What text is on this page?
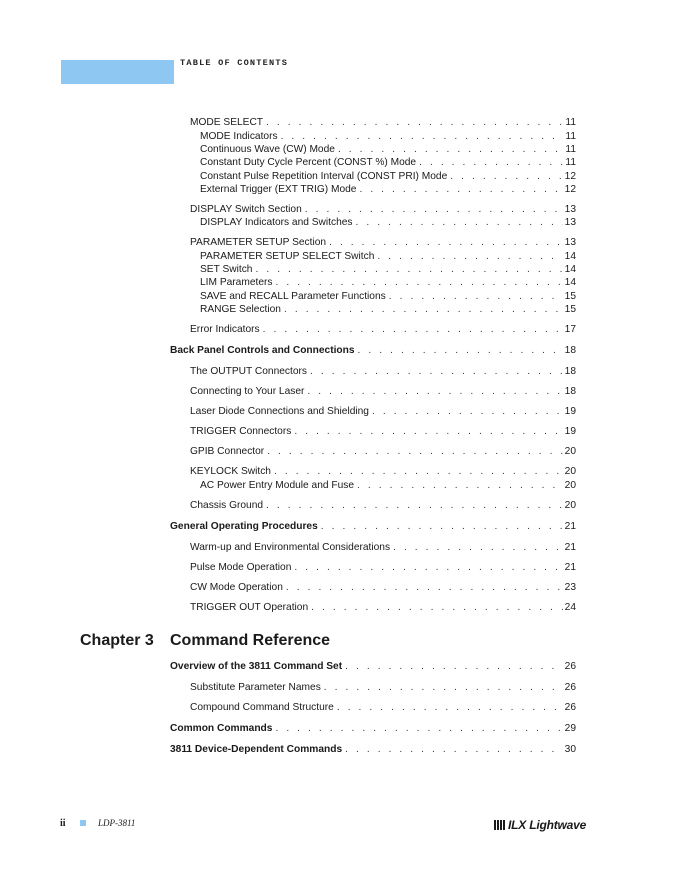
TABLE OF CONTENTS
MODE SELECT . . .	11
MODE Indicators . . .	11
Continuous Wave (CW) Mode . . .	11
Constant Duty Cycle Percent (CONST %) Mode . . .	11
Constant Pulse Repetition Interval (CONST PRI) Mode . . .	12
External Trigger (EXT TRIG) Mode . . .	12
DISPLAY Switch Section . . .	13
DISPLAY Indicators and Switches . . .	13
PARAMETER SETUP Section . . .	13
PARAMETER SETUP SELECT Switch . . .	14
SET Switch . . .	14
LIM Parameters . . .	14
SAVE and RECALL Parameter Functions . . .	15
RANGE Selection . . .	15
Error Indicators . . .	17
Back Panel Controls and Connections . . .	18
The OUTPUT Connectors . . .	18
Connecting to Your Laser . . .	18
Laser Diode Connections and Shielding . . .	19
TRIGGER Connectors . . .	19
GPIB Connector . . .	20
KEYLOCK Switch . . .	20
AC Power Entry Module and Fuse . . .	20
Chassis Ground . . .	20
General Operating Procedures . . .	21
Warm-up and Environmental Considerations . . .	21
Pulse Mode Operation . . .	21
CW Mode Operation . . .	23
TRIGGER OUT Operation . . .	24
Overview of the 3811 Command Set . . .	26
Substitute Parameter Names . . .	26
Compound Command Structure . . .	26
Common Commands . . .	29
3811 Device-Dependent Commands . . .	30
Chapter 3 Command Reference
ii	LDP-3811	ILX Lightwave
